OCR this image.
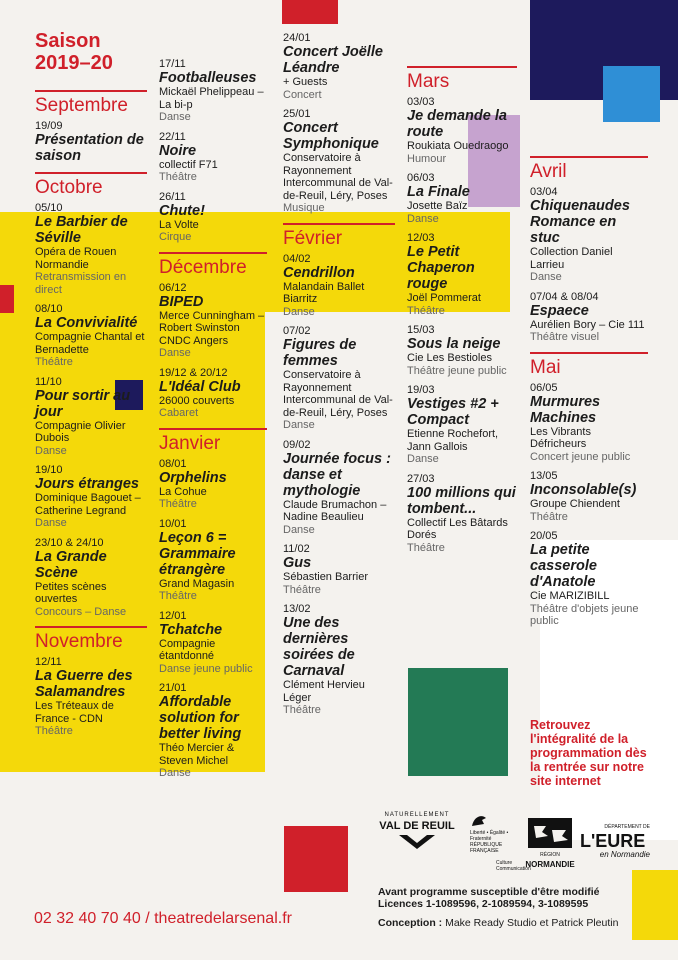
Saison
2019–20
Septembre
19/09
Présentation de saison
Octobre
05/10
Le Barbier de Séville
Opéra de Rouen Normandie
Retransmission en direct
08/10
La Convivialité
Compagnie Chantal et Bernadette
Théâtre
11/10
Pour sortir au jour
Compagnie Olivier Dubois
Danse
19/10
Jours étranges
Dominique Bagouet – Catherine Legrand
Danse
23/10 & 24/10
La Grande Scène
Petites scènes ouvertes
Concours – Danse
Novembre
12/11
La Guerre des Salamandres
Les Tréteaux de France - CDN
Théâtre
17/11
Footballeuses
Mickaël Phelippeau – La bi-p
Danse
22/11
Noire
collectif F71
Théâtre
26/11
Chute!
La Volte
Cirque
Décembre
06/12
BIPED
Merce Cunningham – Robert Swinston CNDC Angers
Danse
19/12 & 20/12
L'Idéal Club
26000 couverts
Cabaret
Janvier
08/01
Orphelins
La Cohue
Théâtre
10/01
Leçon 6 = Grammaire étrangère
Grand Magasin
Théâtre
12/01
Tchatche
Compagnie étantdonné
Danse jeune public
21/01
Affordable solution for better living
Théo Mercier & Steven Michel
Danse
24/01
Concert Joëlle Léandre
+ Guests
Concert
25/01
Concert Symphonique
Conservatoire à Rayonnement Intercommunal de Val-de-Reuil, Léry, Poses
Musique
Février
04/02
Cendrillon
Malandain Ballet Biarritz
Danse
07/02
Figures de femmes
Conservatoire à Rayonnement Intercommunal de Val-de-Reuil, Léry, Poses
Danse
09/02
Journée focus : danse et mythologie
Claude Brumachon – Nadine Beaulieu
Danse
11/02
Gus
Sébastien Barrier
Théâtre
13/02
Une des dernières soirées de Carnaval
Clément Hervieu Léger
Théâtre
Mars
03/03
Je demande la route
Roukiata Ouedraogo
Humour
06/03
La Finale
Josette Baïz
Danse
12/03
Le Petit Chaperon rouge
Joël Pommerat
Théâtre
15/03
Sous la neige
Cie Les Bestioles
Théâtre jeune public
19/03
Vestiges #2 + Compact
Etienne Rochefort, Jann Gallois
Danse
27/03
100 millions qui tombent...
Collectif Les Bâtards Dorés
Théâtre
Avril
03/04
Chiquenaudes Romance en stuc
Collection Daniel Larrieu
Danse
07/04 & 08/04
Espaece
Aurélien Bory – Cie 111
Théâtre visuel
Mai
06/05
Murmures Machines
Les Vibrants Défricheurs
Concert jeune public
13/05
Inconsolable(s)
Groupe Chiendent
Théâtre
20/05
La petite casserole d'Anatole
Cie MARIZIBILL
Théâtre d'objets jeune public
Retrouvez l'intégralité de la programmation dès la rentrée sur notre site internet
NATURELLEMENT
VAL DE REUIL
Liberté • Égalité • Fraternité RÉPUBLIQUE FRANÇAISE
Culture Communication
RÉGION
NORMANDIE
DÉPARTEMENT DE
L'EURE
en Normandie
Avant programme susceptible d'être modifié
Licences 1-1089596, 2-1089594, 3-1089595
Conception : Make Ready Studio et Patrick Pleutin
02 32 40 70 40 / theatredelarsenal.fr
